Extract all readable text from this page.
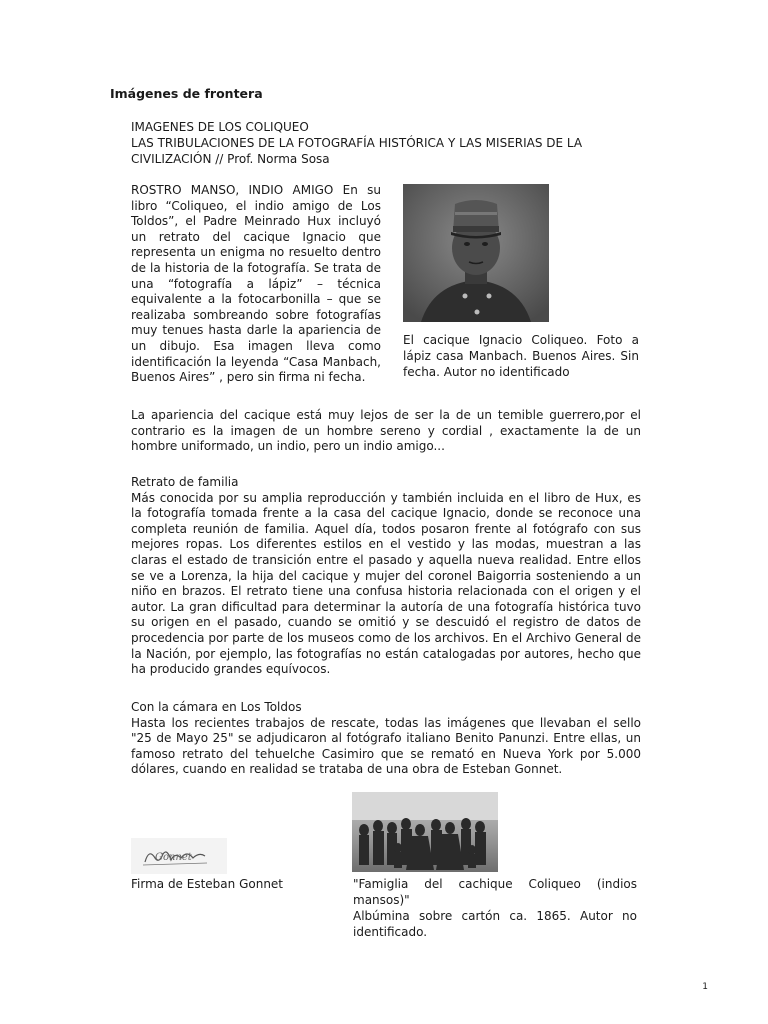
Imágenes de frontera
IMAGENES DE LOS COLIQUEO
LAS TRIBULACIONES DE LA FOTOGRAFÍA HISTÓRICA Y LAS MISERIAS DE LA CIVILIZACIÓN // Prof. Norma Sosa
ROSTRO MANSO, INDIO AMIGO En su libro “Coliqueo, el indio amigo de Los Toldos”, el Padre Meinrado Hux incluyó un retrato del cacique Ignacio que representa un enigma no resuelto dentro de la historia de la fotografía. Se trata de una “fotografía a lápiz” – técnica equivalente a la fotocarbonilla – que se realizaba sombreando sobre fotografías muy tenues hasta darle la apariencia de un dibujo. Esa imagen lleva como identificación la leyenda “Casa Manbach, Buenos Aires” , pero sin firma ni fecha.
El cacique Ignacio Coliqueo. Foto a lápiz casa Manbach. Buenos Aires. Sin fecha. Autor no identificado
La apariencia del cacique está muy lejos de ser la de un temible guerrero,por el contrario es la imagen de un hombre sereno y cordial , exactamente la de un hombre uniformado, un indio, pero un indio amigo...
Retrato de familia
Más conocida por su amplia reproducción y también incluida en el libro de Hux, es la fotografía tomada frente a la casa del cacique Ignacio, donde se reconoce una completa reunión de familia. Aquel día, todos posaron frente al fotógrafo con sus mejores ropas. Los diferentes estilos en el vestido y las modas, muestran a las claras el estado de transición entre el pasado y aquella nueva realidad. Entre ellos se ve a Lorenza, la hija del cacique y mujer del coronel Baigorria sosteniendo a un niño en brazos. El retrato tiene una confusa historia relacionada con el origen y el autor. La gran dificultad para determinar la autoría de una fotografía histórica tuvo su origen en el pasado, cuando se omitió y se descuidó el registro de datos de procedencia por parte de los museos como de los archivos. En el Archivo General de la Nación, por ejemplo, las fotografías no están catalogadas por autores, hecho que ha producido grandes equívocos.
Con la cámara en Los Toldos
Hasta los recientes trabajos de rescate, todas las imágenes que llevaban el sello "25 de Mayo 25" se adjudicaron al fotógrafo italiano Benito Panunzi. Entre ellas, un famoso retrato del tehuelche Casimiro que se remató en Nueva York por 5.000 dólares, cuando en realidad se trataba de una obra de Esteban Gonnet.
Gonnet
Firma de Esteban Gonnet	"Famiglia del cachique Coliqueo (indios mansos)"
Albúmina sobre cartón ca. 1865. Autor no identificado.
1
